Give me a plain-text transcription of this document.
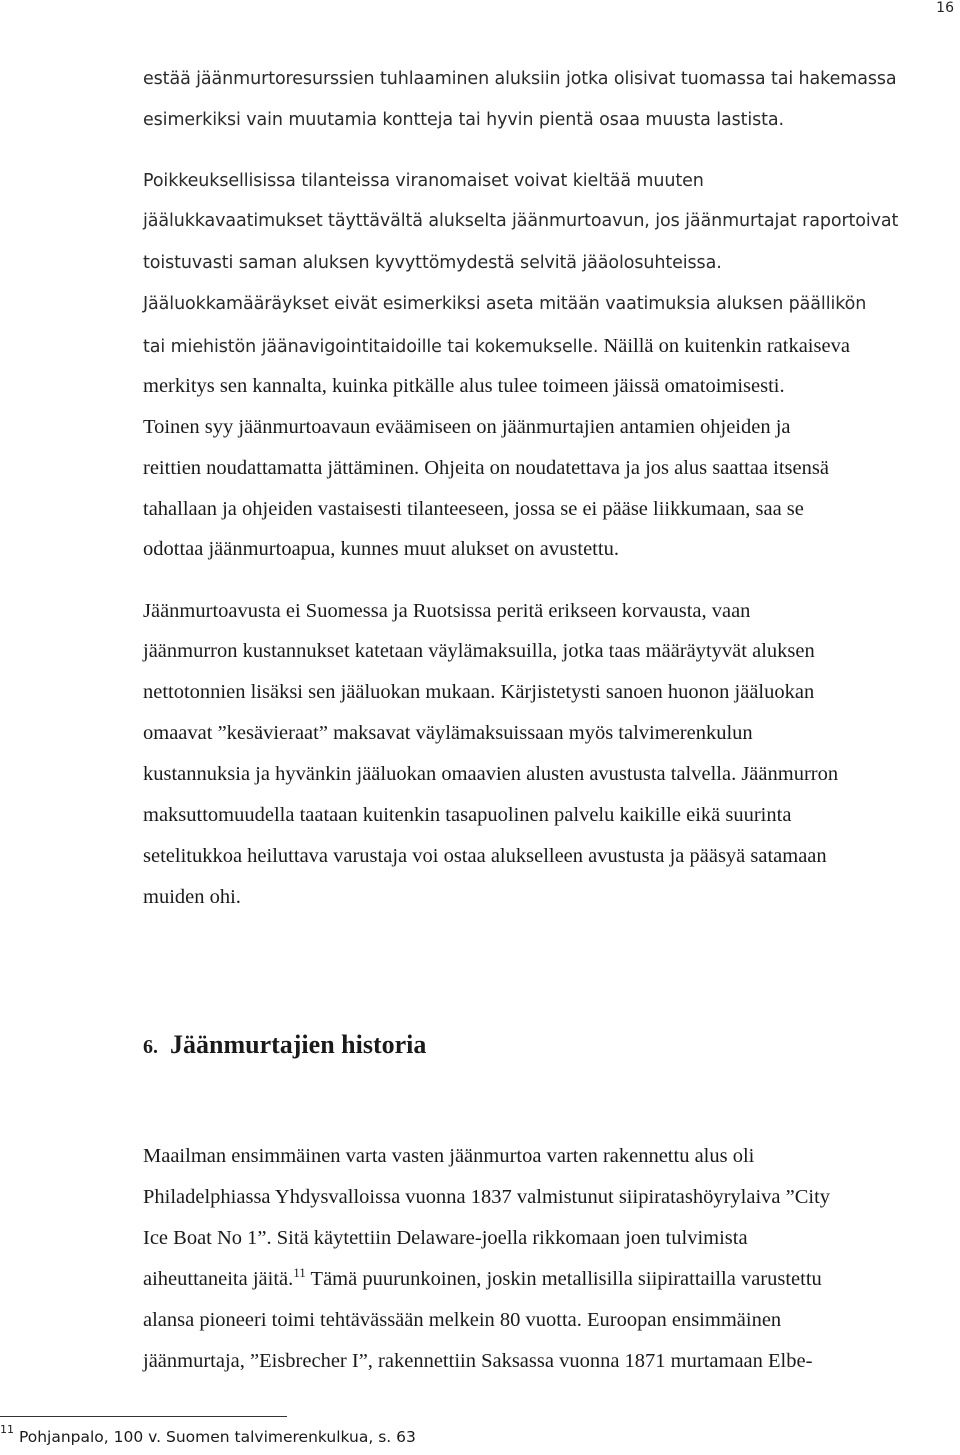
16
estää jäänmurtoresurssien tuhlaaminen aluksiin jotka olisivat tuomassa tai hakemassa
esimerkiksi vain muutamia kontteja tai hyvin pientä osaa muusta lastista.
Poikkeuksellisissa tilanteissa viranomaiset voivat kieltää muuten
jäälukkavaatimukset täyttävältä alukselta jäänmurtoavun, jos jäänmurtajat raportoivat
toistuvasti saman aluksen kyvyttömydestä selvitä jääolosuhteissa.
Jääluokkamääräykset eivät esimerkiksi aseta mitään vaatimuksia aluksen päällikön
tai miehistön jäänavigointitaidoille tai kokemukselle. Näillä on kuitenkin ratkaiseva
merkitys sen kannalta, kuinka pitkälle alus tulee toimeen jäissä omatoimisesti.
Toinen syy jäänmurtoavaun eväämiseen on jäänmurtajien antamien ohjeiden ja
reittien noudattamatta jättäminen. Ohjeita on noudatettava ja jos alus saattaa itsensä
tahallaan ja ohjeiden vastaisesti tilanteeseen, jossa se ei pääse liikkumaan, saa se
odottaa jäänmurtoapua, kunnes muut alukset on avustettu.
Jäänmurtoavusta ei Suomessa ja Ruotsissa peritä erikseen korvausta, vaan
jäänmurron kustannukset katetaan väylämaksuilla, jotka taas määräytyvät aluksen
nettotonnien lisäksi sen jääluokan mukaan. Kärjistetysti sanoen huonon jääluokan
omaavat ”kesävieraat” maksavat väylämaksuissaan myös talvimerenkulun
kustannuksia ja hyvänkin jääluokan omaavien alusten avustusta talvella. Jäänmurron
maksuttomuudella taataan kuitenkin tasapuolinen palvelu kaikille eikä suurinta
setelitukkoa heiluttava varustaja voi ostaa alukselleen avustusta ja pääsyä satamaan
muiden ohi.
6. Jäänmurtajien historia
Maailman ensimmäinen varta vasten jäänmurtoa varten rakennettu alus oli
Philadelphiassa Yhdysvalloissa vuonna 1837 valmistunut siipiratashöyrylaiva ”City
Ice Boat No 1”. Sitä käytettiin Delaware-joella rikkomaan joen tulvimista
aiheuttaneita jäitä.$^{11}$ Tämä puurunkoinen, joskin metallisilla siipirattailla varustettu
alansa pioneeri toimi tehtävässään melkein 80 vuotta. Euroopan ensimmäinen
jäänmurtaja, ”Eisbrecher I”, rakennettiin Saksassa vuonna 1871 murtamaan Elbe-
$^{11}$ Pohjanpalo, 100 v. Suomen talvimerenkulkua, s. 63
